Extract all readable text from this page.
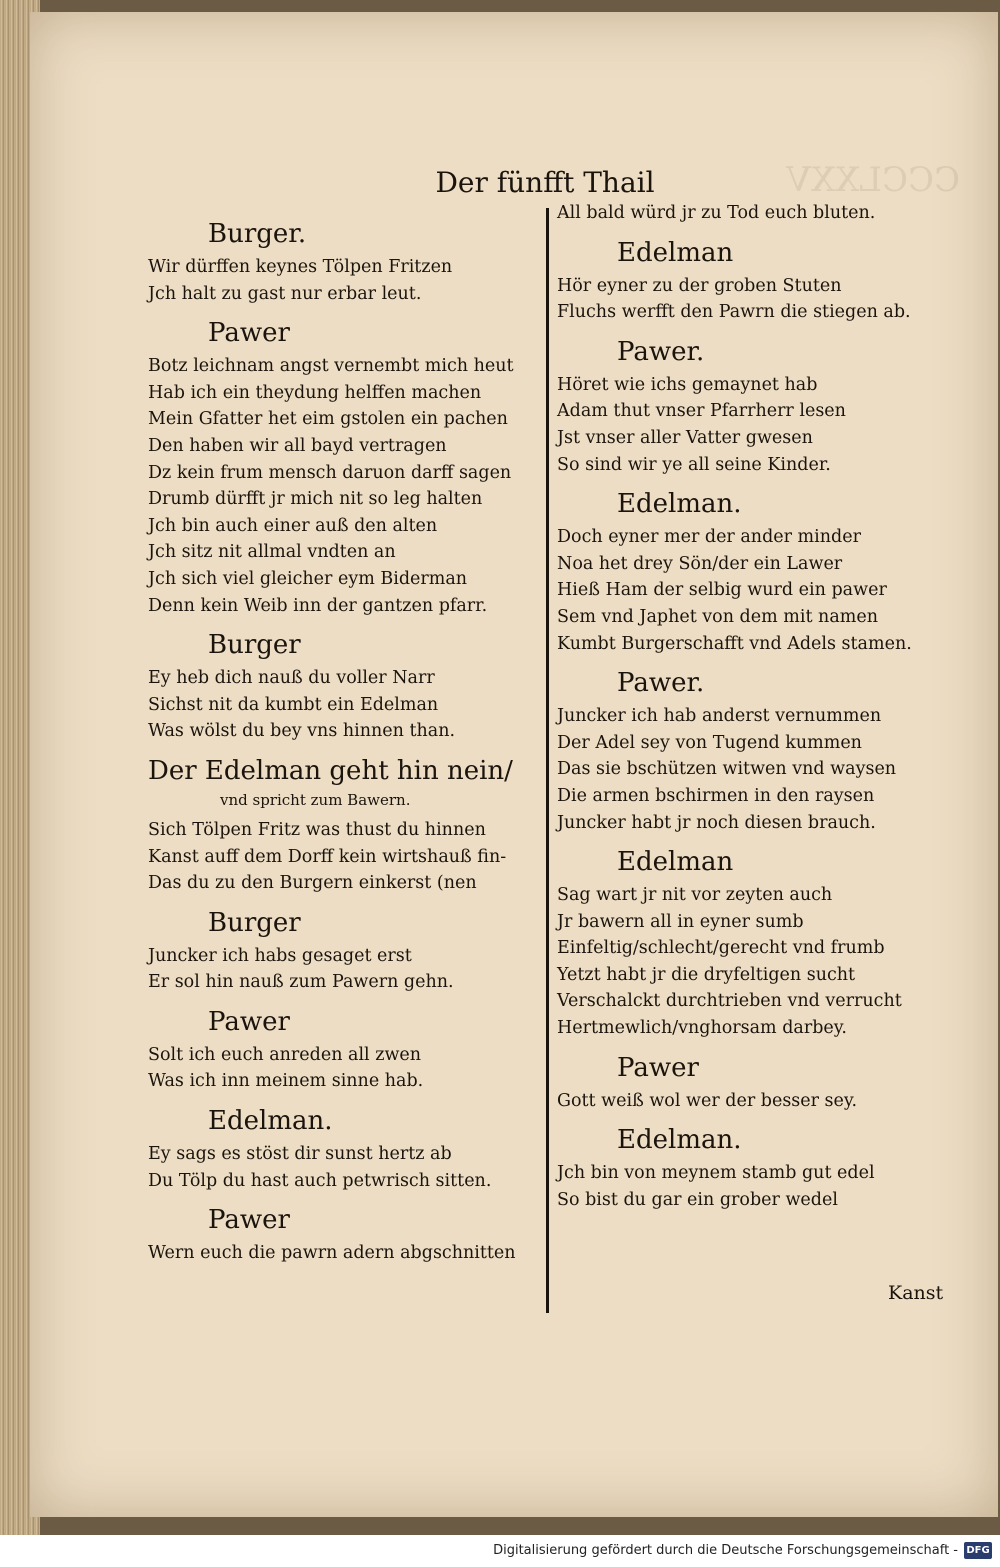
Der fünfft Thail
Burger.
Wir dürffen keynes Tölpen Fritzen
Jch halt zu gast nur erbar leut.
Pawer
Botz leichnam angst vernembt mich heut
Hab ich ein theydung helffen machen
Mein Gfatter het eim gstolen ein pachen
Den haben wir all bayd vertragen
Dz kein frum mensch daruon darff sagen
Drumb dürfft jr mich nit so leg halten
Jch bin auch einer auß den alten
Jch sitz nit allmal vndten an
Jch sich viel gleicher eym Biderman
Denn kein Weib inn der gantzen pfarr.
Burger
Ey heb dich nauß du voller Narr
Sichst nit da kumbt ein Edelman
Was wölst du bey vns hinnen than.
Der Edelman geht hin nein/
vnd spricht zum Bawern.
Sich Tölpen Fritz was thust du hinnen
Kanst auff dem Dorff kein wirtshauß fin-
Das du zu den Burgern einkerst (nen
Burger
Juncker ich habs gesaget erst
Er sol hin nauß zum Pawern gehn.
Pawer
Solt ich euch anreden all zwen
Was ich inn meinem sinne hab.
Edelman.
Ey sags es stöst dir sunst hertz ab
Du Tölp du hast auch petwrisch sitten.
Pawer
Wern euch die pawrn adern abgschnitten
All bald würd jr zu Tod euch bluten.
Edelman
Hör eyner zu der groben Stuten
Fluchs werfft den Pawrn die stiegen ab.
Pawer.
Höret wie ichs gemaynet hab
Adam thut vnser Pfarrherr lesen
Jst vnser aller Vatter gwesen
So sind wir ye all seine Kinder.
Edelman.
Doch eyner mer der ander minder
Noa het drey Sön/der ein Lawer
Hieß Ham der selbig wurd ein pawer
Sem vnd Japhet von dem mit namen
Kumbt Burgerschafft vnd Adels stamen.
Pawer.
Juncker ich hab anderst vernummen
Der Adel sey von Tugend kummen
Das sie bschützen witwen vnd waysen
Die armen bschirmen in den raysen
Juncker habt jr noch diesen brauch.
Edelman
Sag wart jr nit vor zeyten auch
Jr bawern all in eyner sumb
Einfeltig/schlecht/gerecht vnd frumb
Yetzt habt jr die dryfeltigen sucht
Verschalckt durchtrieben vnd verrucht
Hertmewlich/vnghorsam darbey.
Pawer
Gott weiß wol wer der besser sey.
Edelman.
Jch bin von meynem stamb gut edel
So bist du gar ein grober wedel
Kanst
Digitalisierung gefördert durch die Deutsche Forschungsgemeinschaft - DFG
